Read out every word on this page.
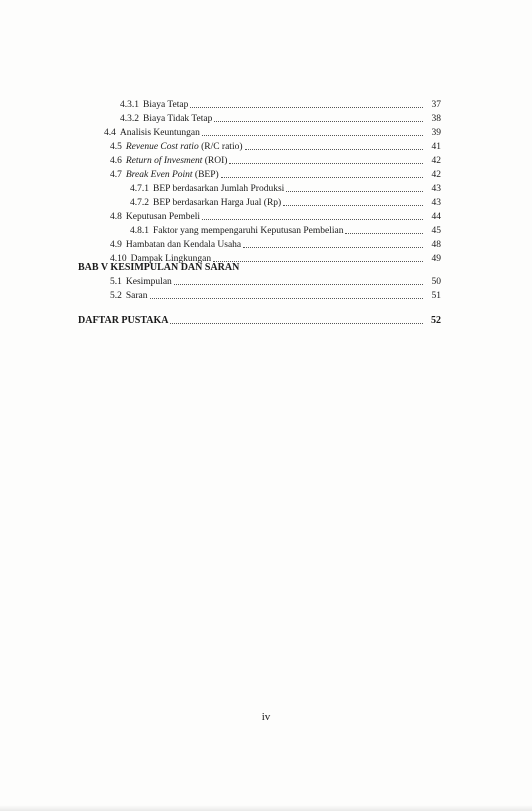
4.3.1 Biaya Tetap	37
4.3.2 Biaya Tidak Tetap	38
4.4 Analisis Keuntungan	39
4.5 Revenue Cost ratio (R/C ratio)	41
4.6 Return of Invesment (ROI)	42
4.7 Break Even Point (BEP)	42
4.7.1 BEP berdasarkan Jumlah Produksi	43
4.7.2 BEP berdasarkan Harga Jual (Rp)	43
4.8 Keputusan Pembeli	44
4.8.1 Faktor yang mempengaruhi Keputusan Pembelian	45
4.9 Hambatan dan Kendala Usaha	48
4.10 Dampak Lingkungan	49
BAB V KESIMPULAN DAN SARAN
5.1 Kesimpulan	50
5.2 Saran	51
DAFTAR PUSTAKA	52
iv
